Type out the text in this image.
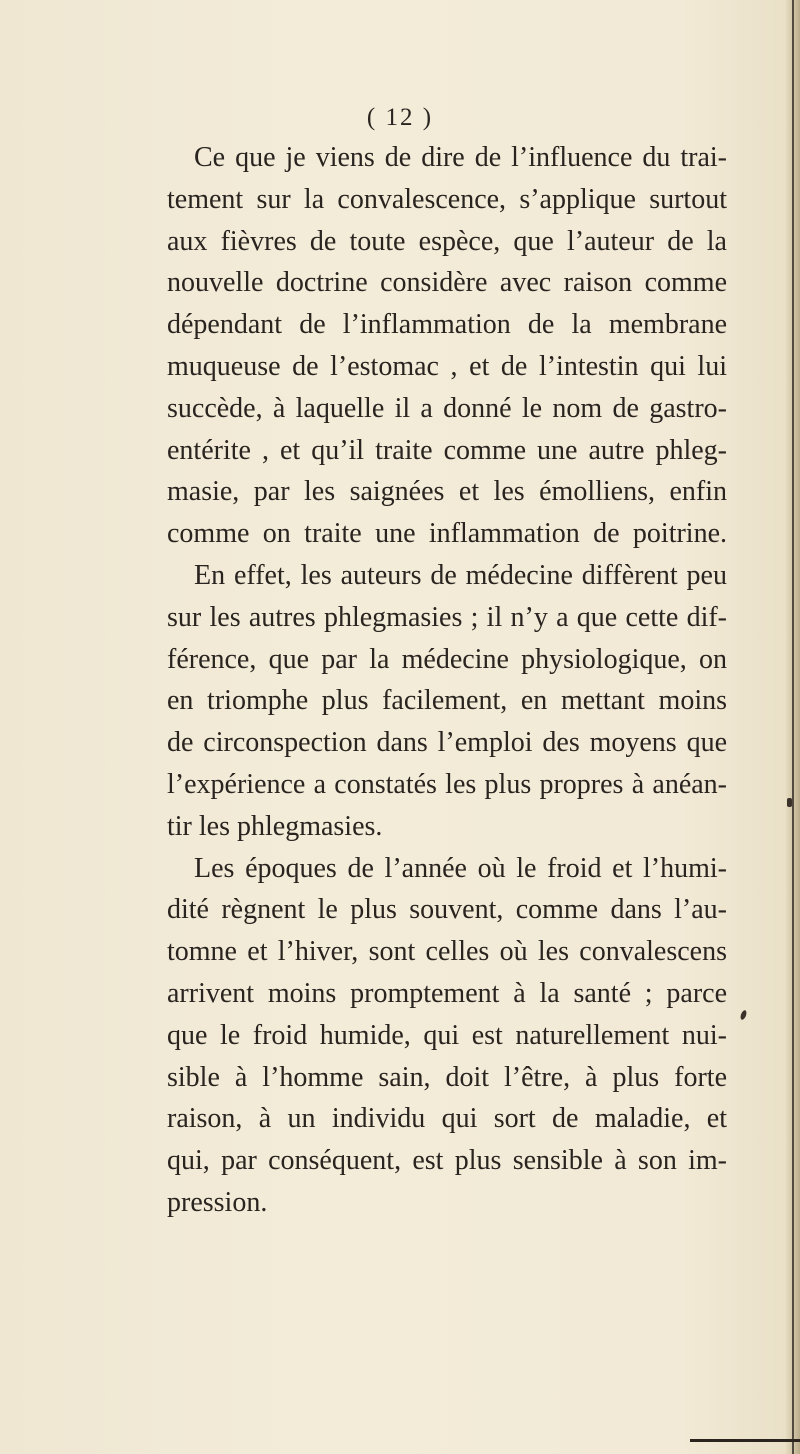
( 12 )
Ce que je viens de dire de l’influence du trai-
tement sur la convalescence, s’applique surtout
aux fièvres de toute espèce, que l’auteur de la
nouvelle doctrine considère avec raison comme
dépendant de l’inflammation de la membrane
muqueuse de l’estomac , et de l’intestin qui lui
succède, à laquelle il a donné le nom de gastro-
entérite , et qu’il traite comme une autre phleg-
masie, par les saignées et les émolliens, enfin
comme on traite une inflammation de poitrine.
En effet, les auteurs de médecine diffèrent peu
sur les autres phlegmasies ; il n’y a que cette dif-
férence, que par la médecine physiologique, on
en triomphe plus facilement, en mettant moins
de circonspection dans l’emploi des moyens que
l’expérience a constatés les plus propres à anéan-
tir les phlegmasies.
Les époques de l’année où le froid et l’humi-
dité règnent le plus souvent, comme dans l’au-
tomne et l’hiver, sont celles où les convalescens
arrivent moins promptement à la santé ; parce
que le froid humide, qui est naturellement nui-
sible à l’homme sain, doit l’être, à plus forte
raison, à un individu qui sort de maladie, et
qui, par conséquent, est plus sensible à son im-
pression.
